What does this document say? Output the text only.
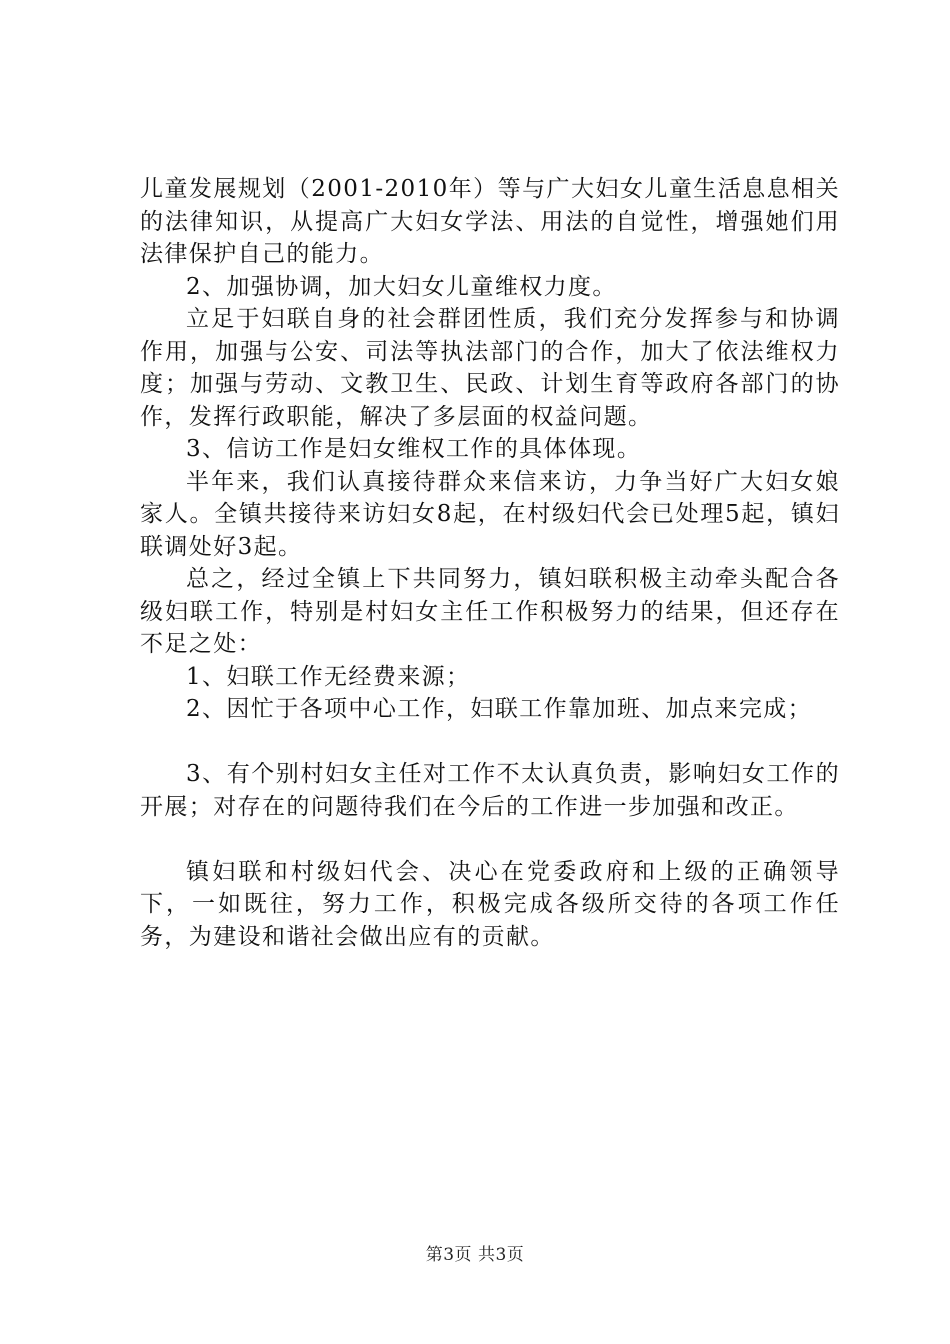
儿童发展规划（2001-2010年）等与广大妇女儿童生活息息相关的法律知识，从提高广大妇女学法、用法的自觉性，增强她们用法律保护自己的能力。

2、加强协调，加大妇女儿童维权力度。

立足于妇联自身的社会群团性质，我们充分发挥参与和协调作用，加强与公安、司法等执法部门的合作，加大了依法维权力度；加强与劳动、文教卫生、民政、计划生育等政府各部门的协作，发挥行政职能，解决了多层面的权益问题。

3、信访工作是妇女维权工作的具体体现。

半年来，我们认真接待群众来信来访，力争当好广大妇女娘家人。全镇共接待来访妇女8起，在村级妇代会已处理5起，镇妇联调处好3起。

总之，经过全镇上下共同努力，镇妇联积极主动牵头配合各级妇联工作，特别是村妇女主任工作积极努力的结果，但还存在不足之处：

1、妇联工作无经费来源；

2、因忙于各项中心工作，妇联工作靠加班、加点来完成；

3、有个别村妇女主任对工作不太认真负责，影响妇女工作的开展；对存在的问题待我们在今后的工作进一步加强和改正。

镇妇联和村级妇代会、决心在党委政府和上级的正确领导下，一如既往，努力工作，积极完成各级所交待的各项工作任务，为建设和谐社会做出应有的贡献。

第3页 共3页
